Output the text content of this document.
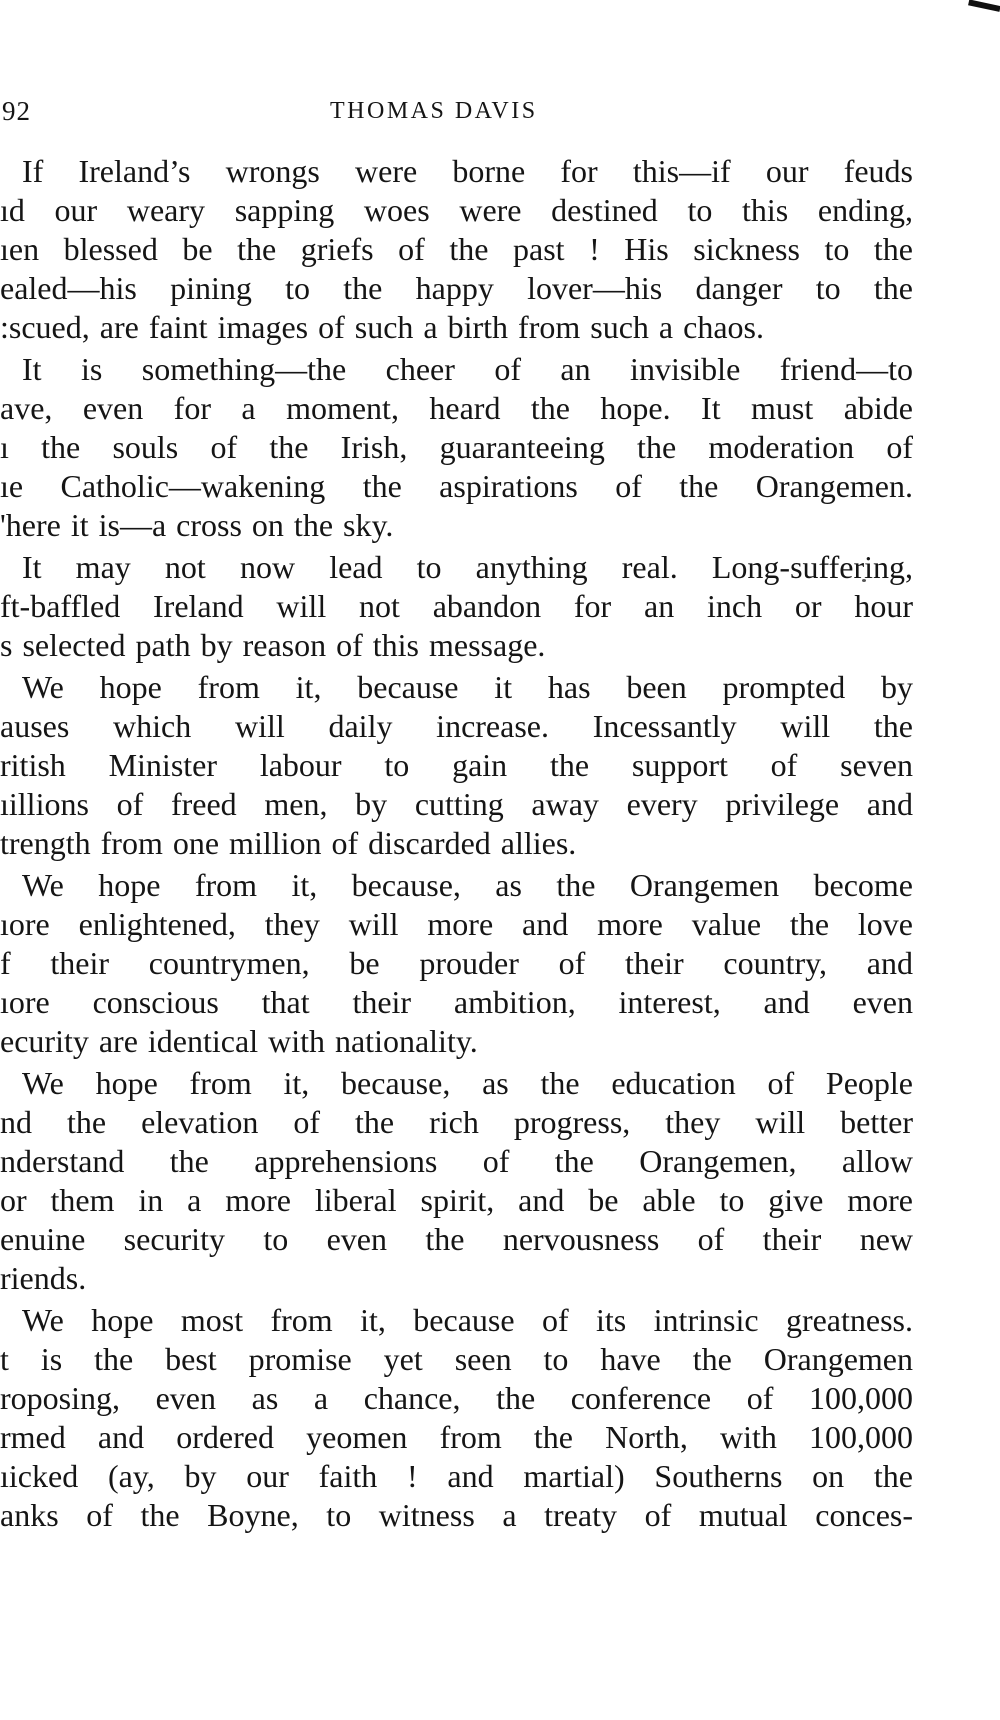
92	THOMAS DAVIS
If Ireland’s wrongs were borne for this—if our feuds
ıd our weary sapping woes were destined to this ending,
ıen blessed be the griefs of the past ! His sickness to the
ealed—his pining to the happy lover—his danger to the
:scued, are faint images of such a birth from such a chaos.
It is something—the cheer of an invisible friend—to
ave, even for a moment, heard the hope. It must abide
ı the souls of the Irish, guaranteeing the moderation of
ıe Catholic—wakening the aspirations of the Orangemen.
'here it is—a cross on the sky.
It may not now lead to anything real. Long-suffering,
ft-baffled Ireland will not abandon for an inch or hour
s selected path by reason of this message.
We hope from it, because it has been prompted by
auses which will daily increase. Incessantly will the
ritish Minister labour to gain the support of seven
ıillions of freed men, by cutting away every privilege and
trength from one million of discarded allies.
We hope from it, because, as the Orangemen become
ıore enlightened, they will more and more value the love
f their countrymen, be prouder of their country, and
ıore conscious that their ambition, interest, and even
ecurity are identical with nationality.
We hope from it, because, as the education of People
nd the elevation of the rich progress, they will better
nderstand the apprehensions of the Orangemen, allow
or them in a more liberal spirit, and be able to give more
enuine security to even the nervousness of their new
riends.
We hope most from it, because of its intrinsic greatness.
t is the best promise yet seen to have the Orangemen
roposing, even as a chance, the conference of 100,000
rmed and ordered yeomen from the North, with 100,000
ıicked (ay, by our faith ! and martial) Southerns on the
anks of the Boyne, to witness a treaty of mutual conces-
